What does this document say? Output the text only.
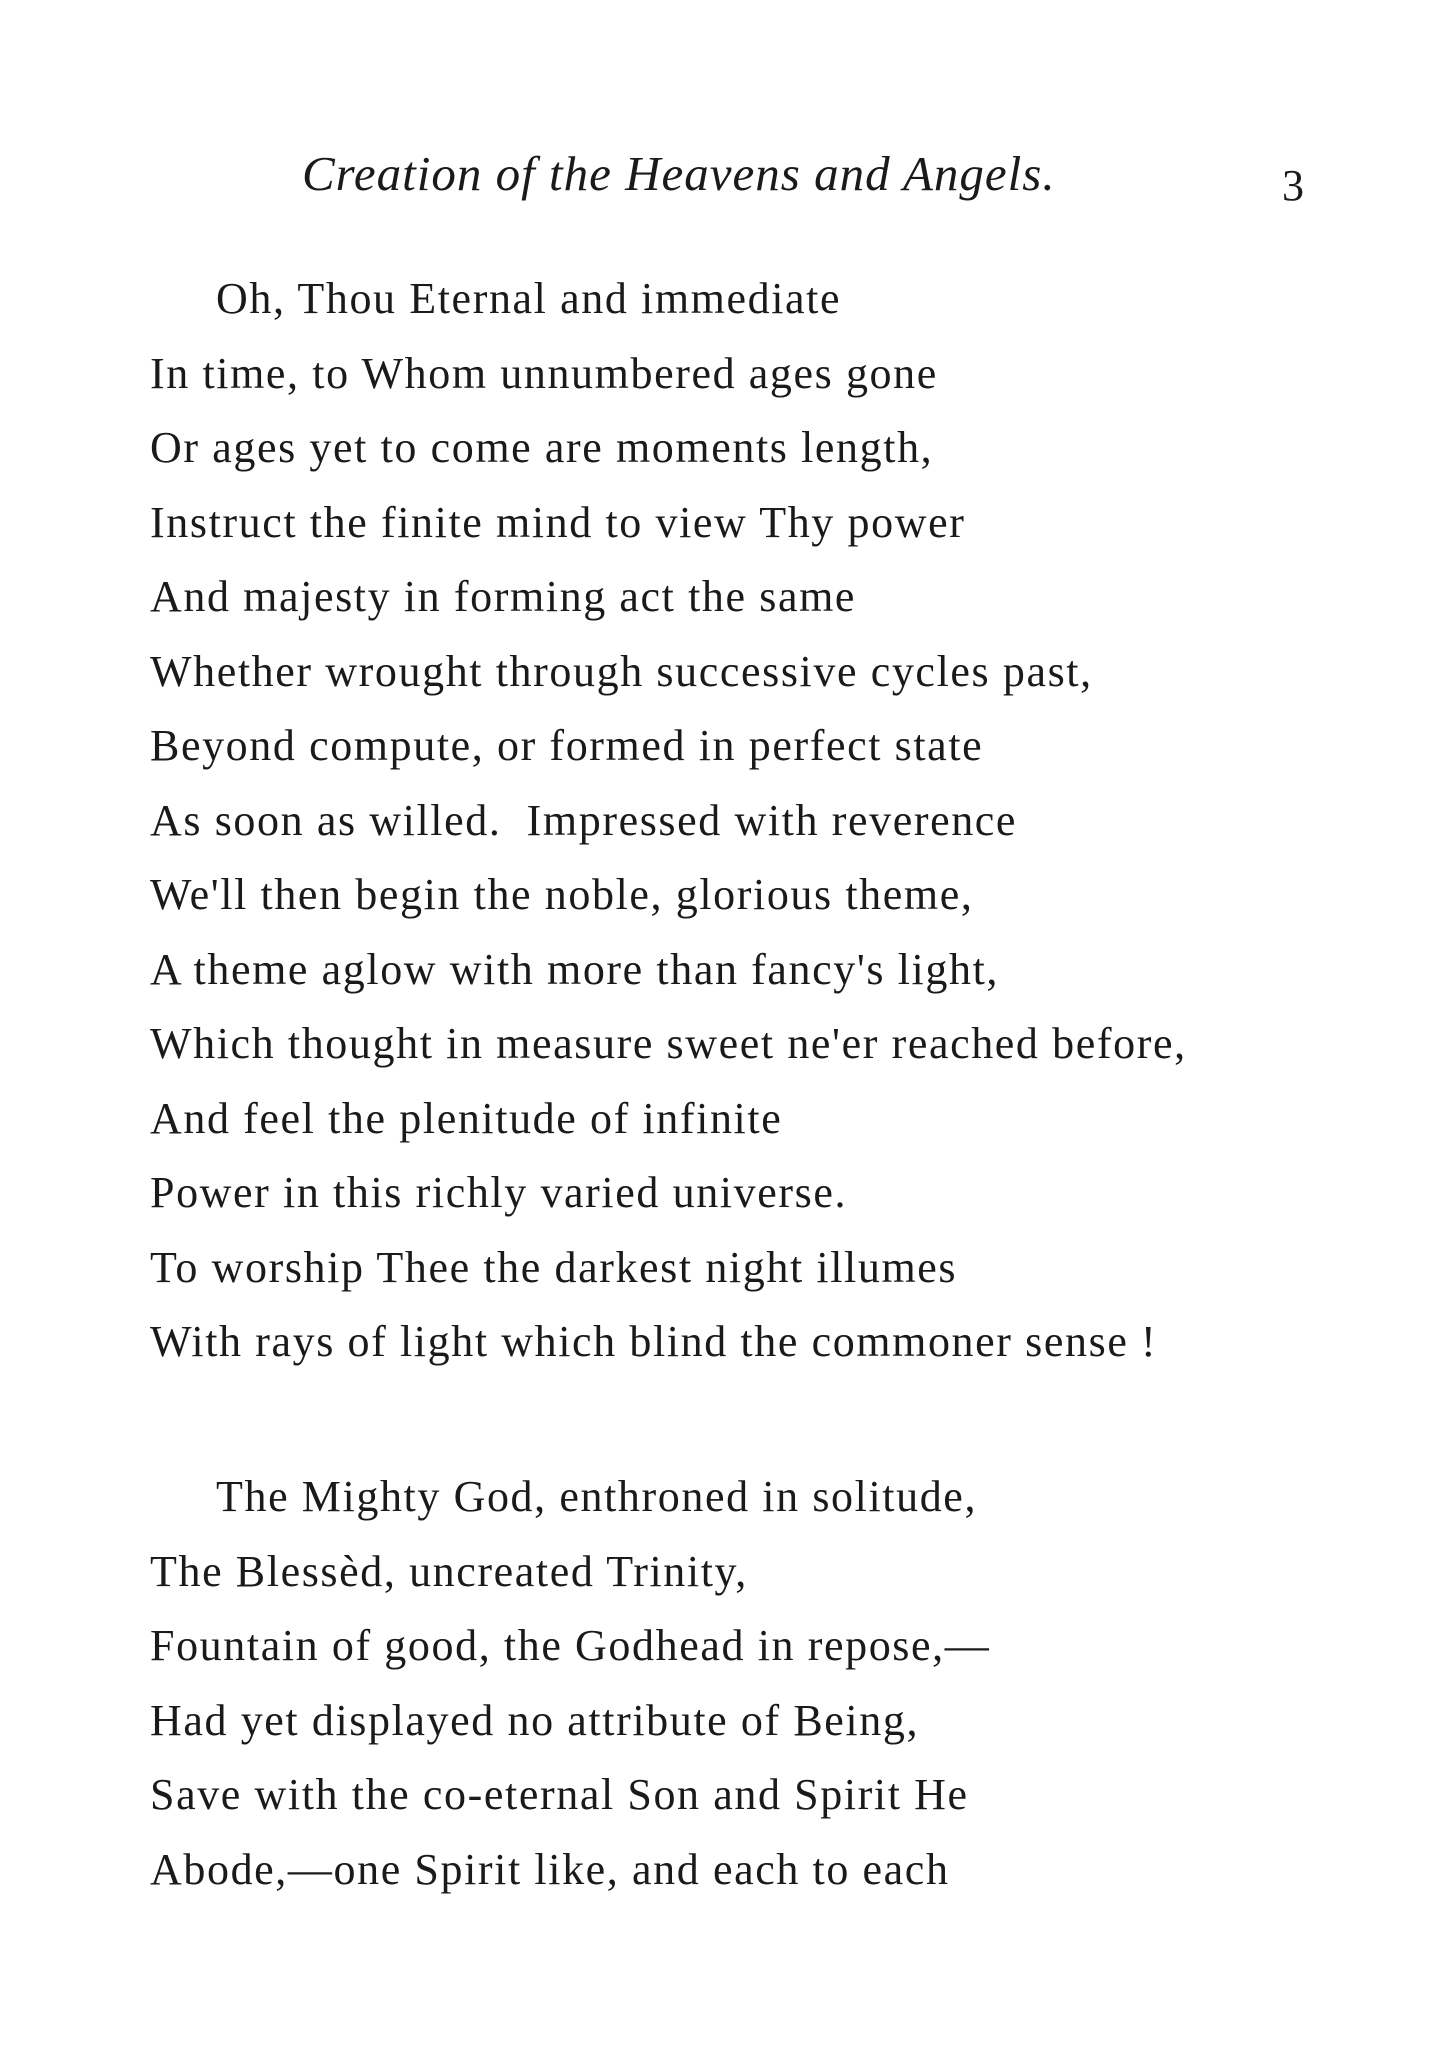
Creation of the Heavens and Angels.	3
Oh, Thou Eternal and immediate
In time, to Whom unnumbered ages gone
Or ages yet to come are moments length,
Instruct the finite mind to view Thy power
And majesty in forming act the same
Whether wrought through successive cycles past,
Beyond compute, or formed in perfect state
As soon as willed.  Impressed with reverence
We'll then begin the noble, glorious theme,
A theme aglow with more than fancy's light,
Which thought in measure sweet ne'er reached before,
And feel the plenitude of infinite
Power in this richly varied universe.
To worship Thee the darkest night illumes
With rays of light which blind the commoner sense !
The Mighty God, enthroned in solitude,
The Blessèd, uncreated Trinity,
Fountain of good, the Godhead in repose,—
Had yet displayed no attribute of Being,
Save with the co-eternal Son and Spirit He
Abode,—one Spirit like, and each to each
